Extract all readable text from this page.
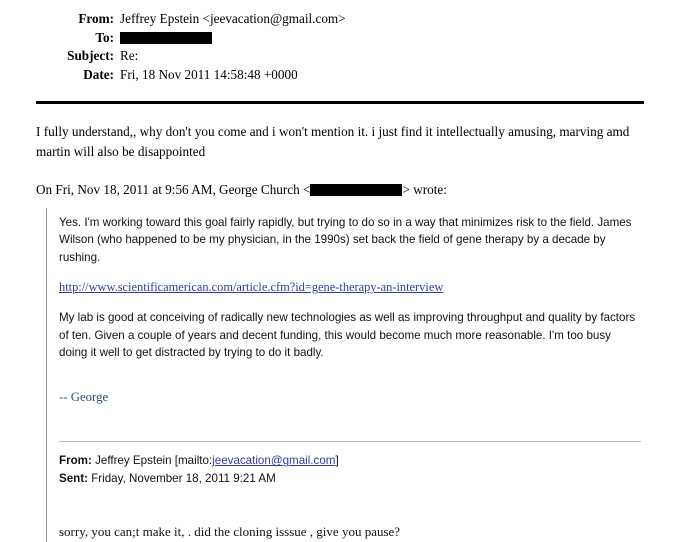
From: Jeffrey Epstein <jeevacation@gmail.com>
To:
Subject: Re:
Date: Fri, 18 Nov 2011 14:58:48 +0000

I fully understand,, why don't you come and i won't mention it. i just find it intellectually amusing, marving amd martin will also be disappointed

On Fri, Nov 18, 2011 at 9:56 AM, George Church <	> wrote:

Yes. I'm working toward this goal fairly rapidly, but trying to do so in a way that minimizes risk to the field. James Wilson (who happened to be my physician, in the 1990s) set back the field of gene therapy by a decade by rushing.

http://www.scientificamerican.com/article.cfm?id=gene-therapy-an-interview

My lab is good at conceiving of radically new technologies as well as improving throughput and quality by factors of ten. Given a couple of years and decent funding, this would become much more reasonable. I'm too busy doing it well to get distracted by trying to do it badly.

-- George
From: Jeffrey Epstein [mailto:jeevacation@gmail.com]
Sent: Friday, November 18, 2011 9:21 AM
sorry, you can;t make it, . did the cloning isssue , give you pause?
